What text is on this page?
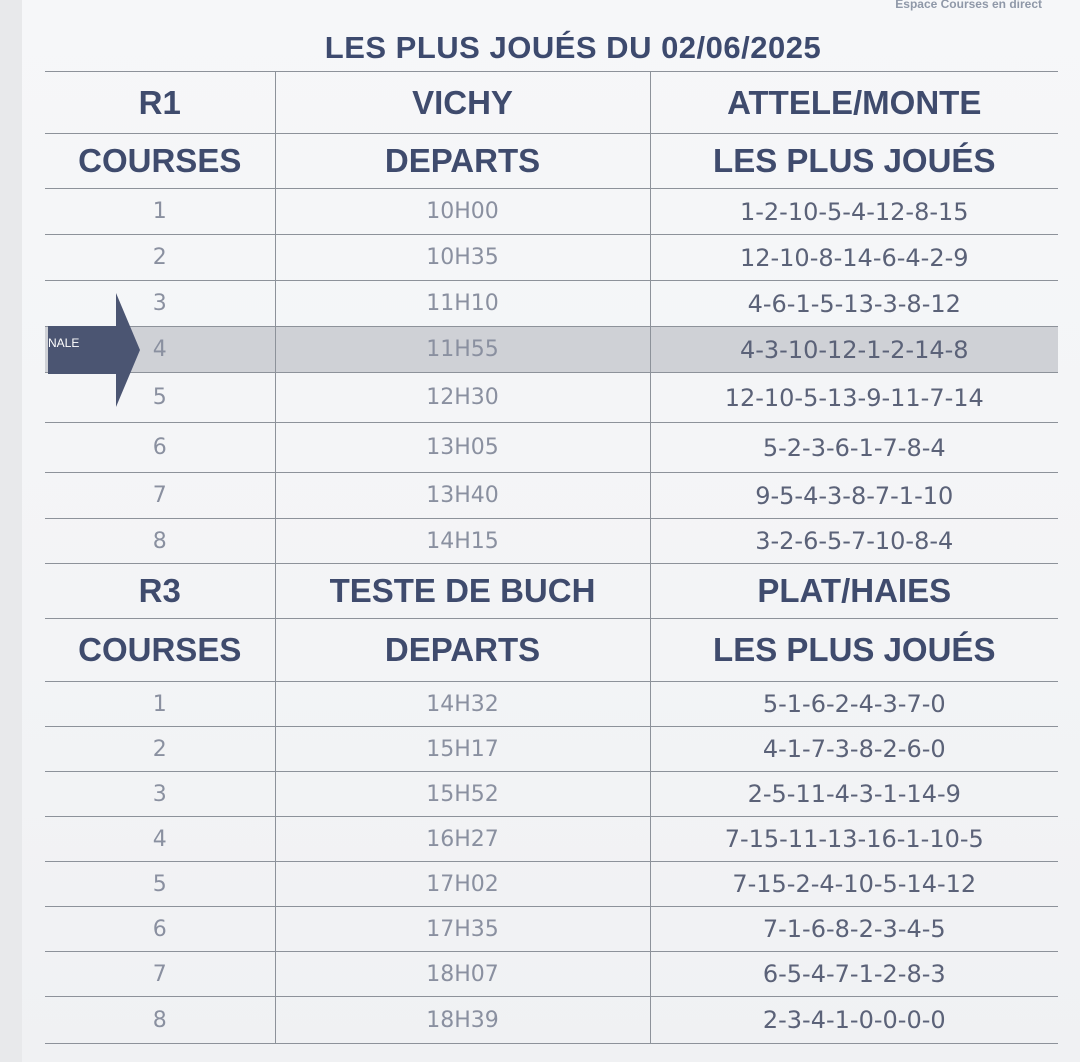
Espace Courses en direct
LES PLUS JOUÉS DU 02/06/2025
R1	VICHY	ATTELE/MONTE
COURSES	DEPARTS	LES PLUS JOUÉS
1	10H00	1-2-10-5-4-12-8-15
2	10H35	12-10-8-14-6-4-2-9
3	11H10	4-6-1-5-13-3-8-12
4	11H55	4-3-10-12-1-2-14-8
5	12H30	12-10-5-13-9-11-7-14
6	13H05	5-2-3-6-1-7-8-4
7	13H40	9-5-4-3-8-7-1-10
8	14H15	3-2-6-5-7-10-8-4
R3	TESTE DE BUCH	PLAT/HAIES
COURSES	DEPARTS	LES PLUS JOUÉS
1	14H32	5-1-6-2-4-3-7-0
2	15H17	4-1-7-3-8-2-6-0
3	15H52	2-5-11-4-3-1-14-9
4	16H27	7-15-11-13-16-1-10-5
5	17H02	7-15-2-4-10-5-14-12
6	17H35	7-1-6-8-2-3-4-5
7	18H07	6-5-4-7-1-2-8-3
8	18H39	2-3-4-1-0-0-0-0
NALE
